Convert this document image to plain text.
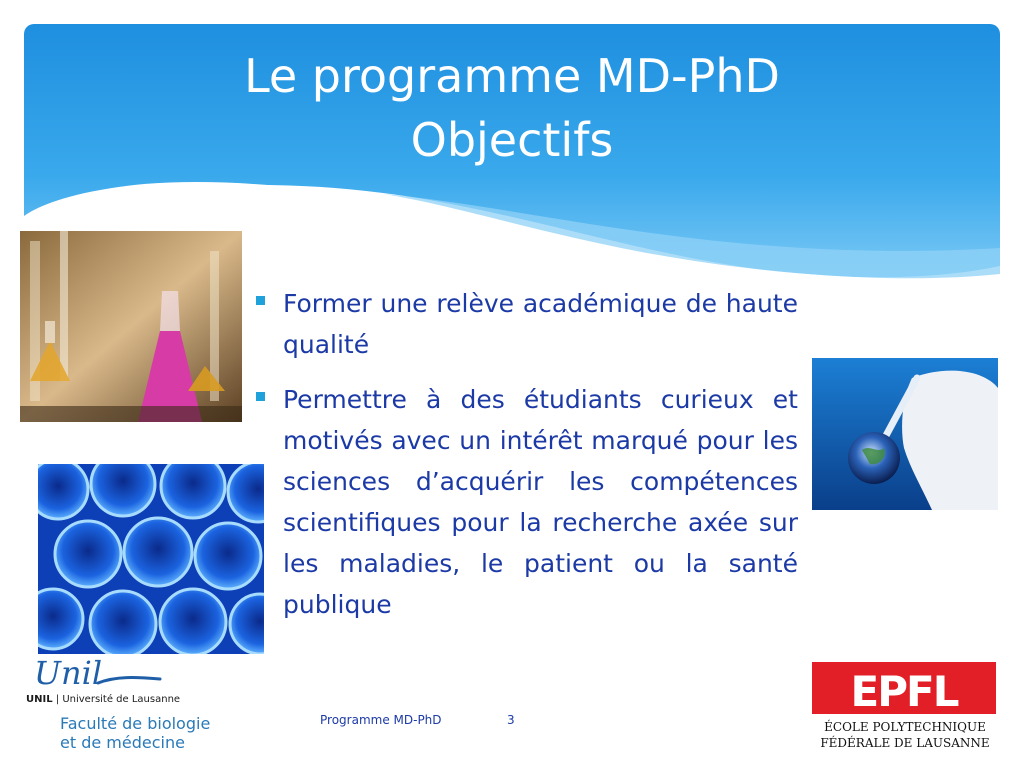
Le programme MD-PhD
Objectifs
Former une relève académique de haute qualité
Permettre à des étudiants curieux et motivés avec un intérêt marqué pour les sciences d’acquérir les compétences scientifiques pour la recherche axée sur les maladies, le patient ou la santé publique
Unil
UNIL | Université de Lausanne
Faculté de biologie
et de médecine
Programme MD-PhD	3
EPFL
ÉCOLE POLYTECHNIQUE
FÉDÉRALE DE LAUSANNE
